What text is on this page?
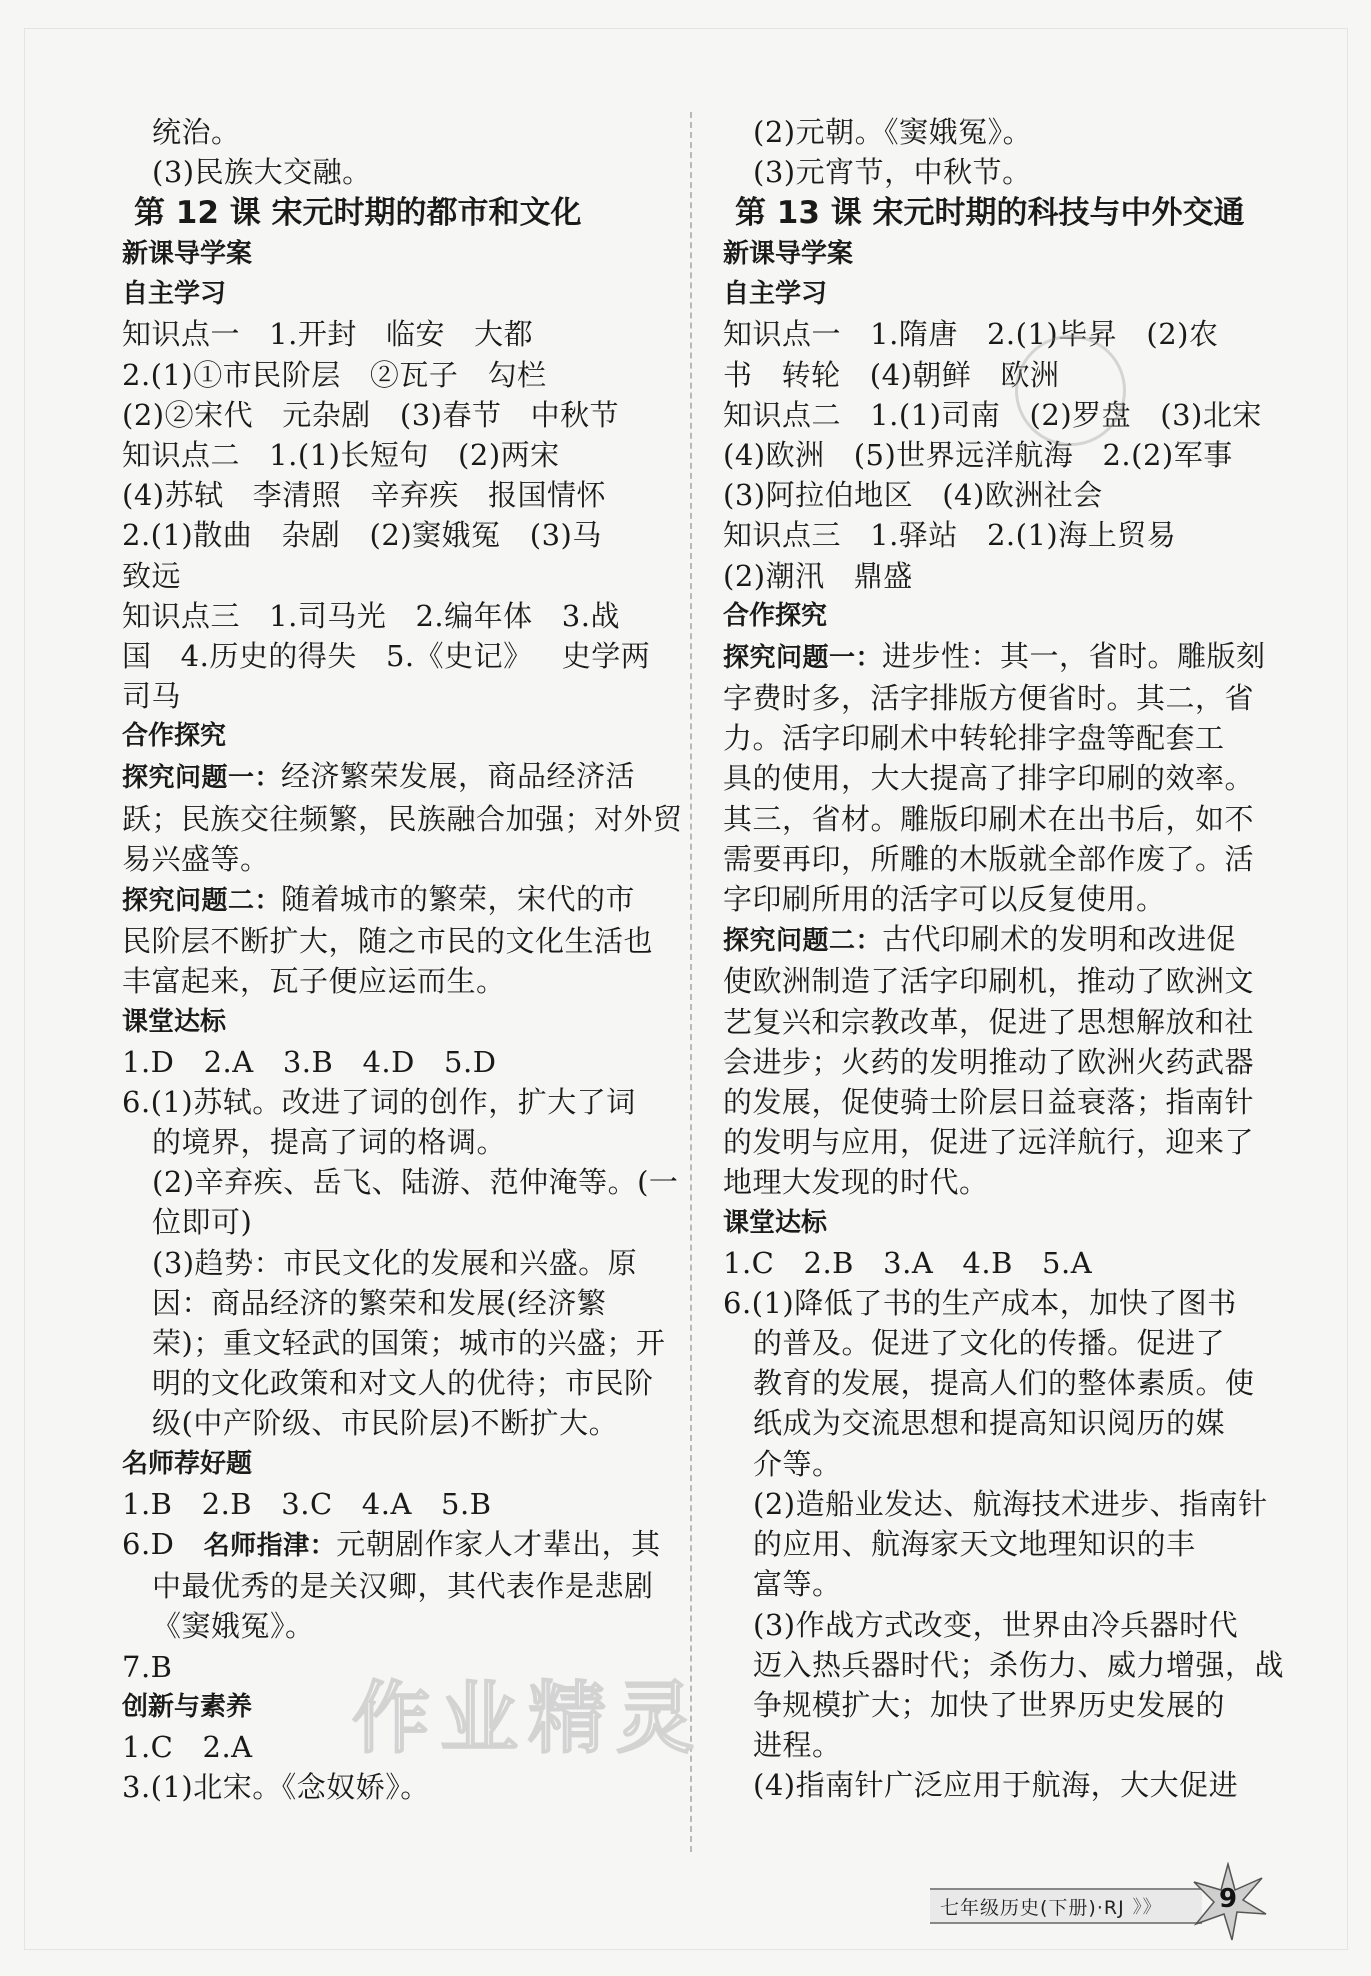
统治。
(3)民族大交融。
第 12 课 宋元时期的都市和文化
新课导学案
自主学习
知识点一   1.开封   临安   大都
2.(1)①市民阶层   ②瓦子   勾栏
(2)②宋代   元杂剧   (3)春节   中秋节
知识点二   1.(1)长短句   (2)两宋
(4)苏轼   李清照   辛弃疾   报国情怀
2.(1)散曲   杂剧   (2)窦娥冤   (3)马
致远
知识点三   1.司马光   2.编年体   3.战
国   4.历史的得失   5.《史记》   史学两
司马
合作探究
探究问题一：经济繁荣发展，商品经济活
跃；民族交往频繁，民族融合加强；对外贸
易兴盛等。
探究问题二：随着城市的繁荣，宋代的市
民阶层不断扩大，随之市民的文化生活也
丰富起来，瓦子便应运而生。
课堂达标
1.D   2.A   3.B   4.D   5.D
6.(1)苏轼。改进了词的创作，扩大了词
的境界，提高了词的格调。
(2)辛弃疾、岳飞、陆游、范仲淹等。(一
位即可)
(3)趋势：市民文化的发展和兴盛。原
因：商品经济的繁荣和发展(经济繁
荣)；重文轻武的国策；城市的兴盛；开
明的文化政策和对文人的优待；市民阶
级(中产阶级、市民阶层)不断扩大。
名师荐好题
1.B   2.B   3.C   4.A   5.B
6.D   名师指津：元朝剧作家人才辈出，其
中最优秀的是关汉卿，其代表作是悲剧
《窦娥冤》。
7.B
创新与素养
1.C   2.A
3.(1)北宋。《念奴娇》。
(2)元朝。《窦娥冤》。
(3)元宵节，中秋节。
第 13 课 宋元时期的科技与中外交通
新课导学案
自主学习
知识点一   1.隋唐   2.(1)毕昇   (2)农
书   转轮   (4)朝鲜   欧洲
知识点二   1.(1)司南   (2)罗盘   (3)北宋
(4)欧洲   (5)世界远洋航海   2.(2)军事
(3)阿拉伯地区   (4)欧洲社会
知识点三   1.驿站   2.(1)海上贸易
(2)潮汛   鼎盛
合作探究
探究问题一：进步性：其一，省时。雕版刻
字费时多，活字排版方便省时。其二，省
力。活字印刷术中转轮排字盘等配套工
具的使用，大大提高了排字印刷的效率。
其三，省材。雕版印刷术在出书后，如不
需要再印，所雕的木版就全部作废了。活
字印刷所用的活字可以反复使用。
探究问题二：古代印刷术的发明和改进促
使欧洲制造了活字印刷机，推动了欧洲文
艺复兴和宗教改革，促进了思想解放和社
会进步；火药的发明推动了欧洲火药武器
的发展，促使骑士阶层日益衰落；指南针
的发明与应用，促进了远洋航行，迎来了
地理大发现的时代。
课堂达标
1.C   2.B   3.A   4.B   5.A
6.(1)降低了书的生产成本，加快了图书
的普及。促进了文化的传播。促进了
教育的发展，提高人们的整体素质。使
纸成为交流思想和提高知识阅历的媒
介等。
(2)造船业发达、航海技术进步、指南针
的应用、航海家天文地理知识的丰
富等。
(3)作战方式改变，世界由冷兵器时代
迈入热兵器时代；杀伤力、威力增强，战
争规模扩大；加快了世界历史发展的
进程。
(4)指南针广泛应用于航海，大大促进
作业精灵
七年级历史(下册)·RJ 》》	9
